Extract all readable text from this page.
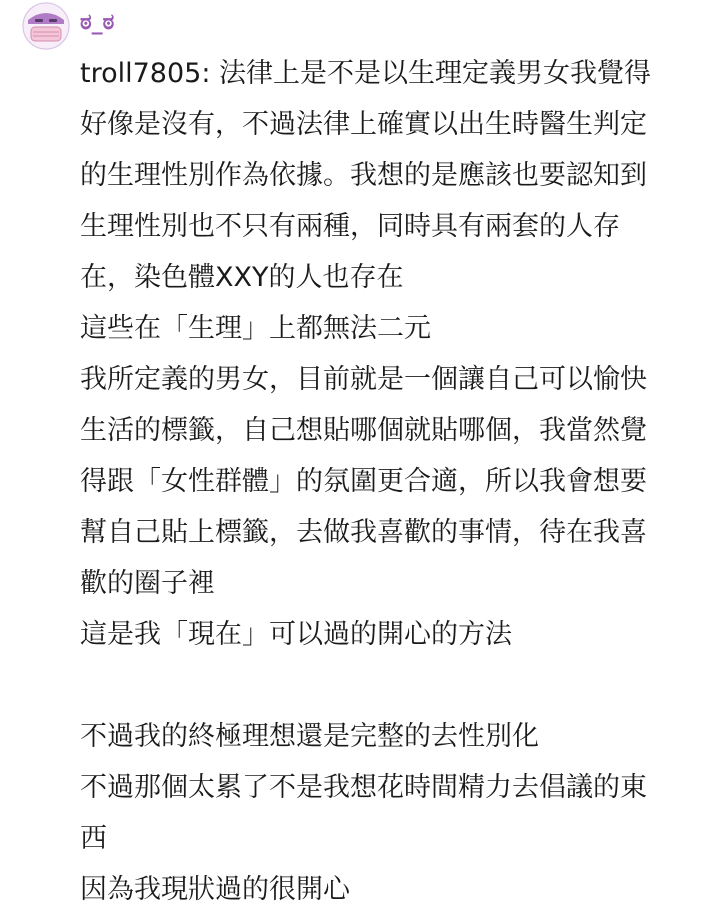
ಠ_ಠ
troll7805: 法律上是不是以生理定義男女我覺得
好像是沒有，不過法律上確實以出生時醫生判定
的生理性別作為依據。我想的是應該也要認知到
生理性別也不只有兩種，同時具有兩套的人存
在，染色體XXY的人也存在
這些在「生理」上都無法二元
我所定義的男女，目前就是一個讓自己可以愉快
生活的標籤，自己想貼哪個就貼哪個，我當然覺
得跟「女性群體」的氛圍更合適，所以我會想要
幫自己貼上標籤，去做我喜歡的事情，待在我喜
歡的圈子裡
這是我「現在」可以過的開心的方法
不過我的終極理想還是完整的去性別化
不過那個太累了不是我想花時間精力去倡議的東
西
因為我現狀過的很開心
